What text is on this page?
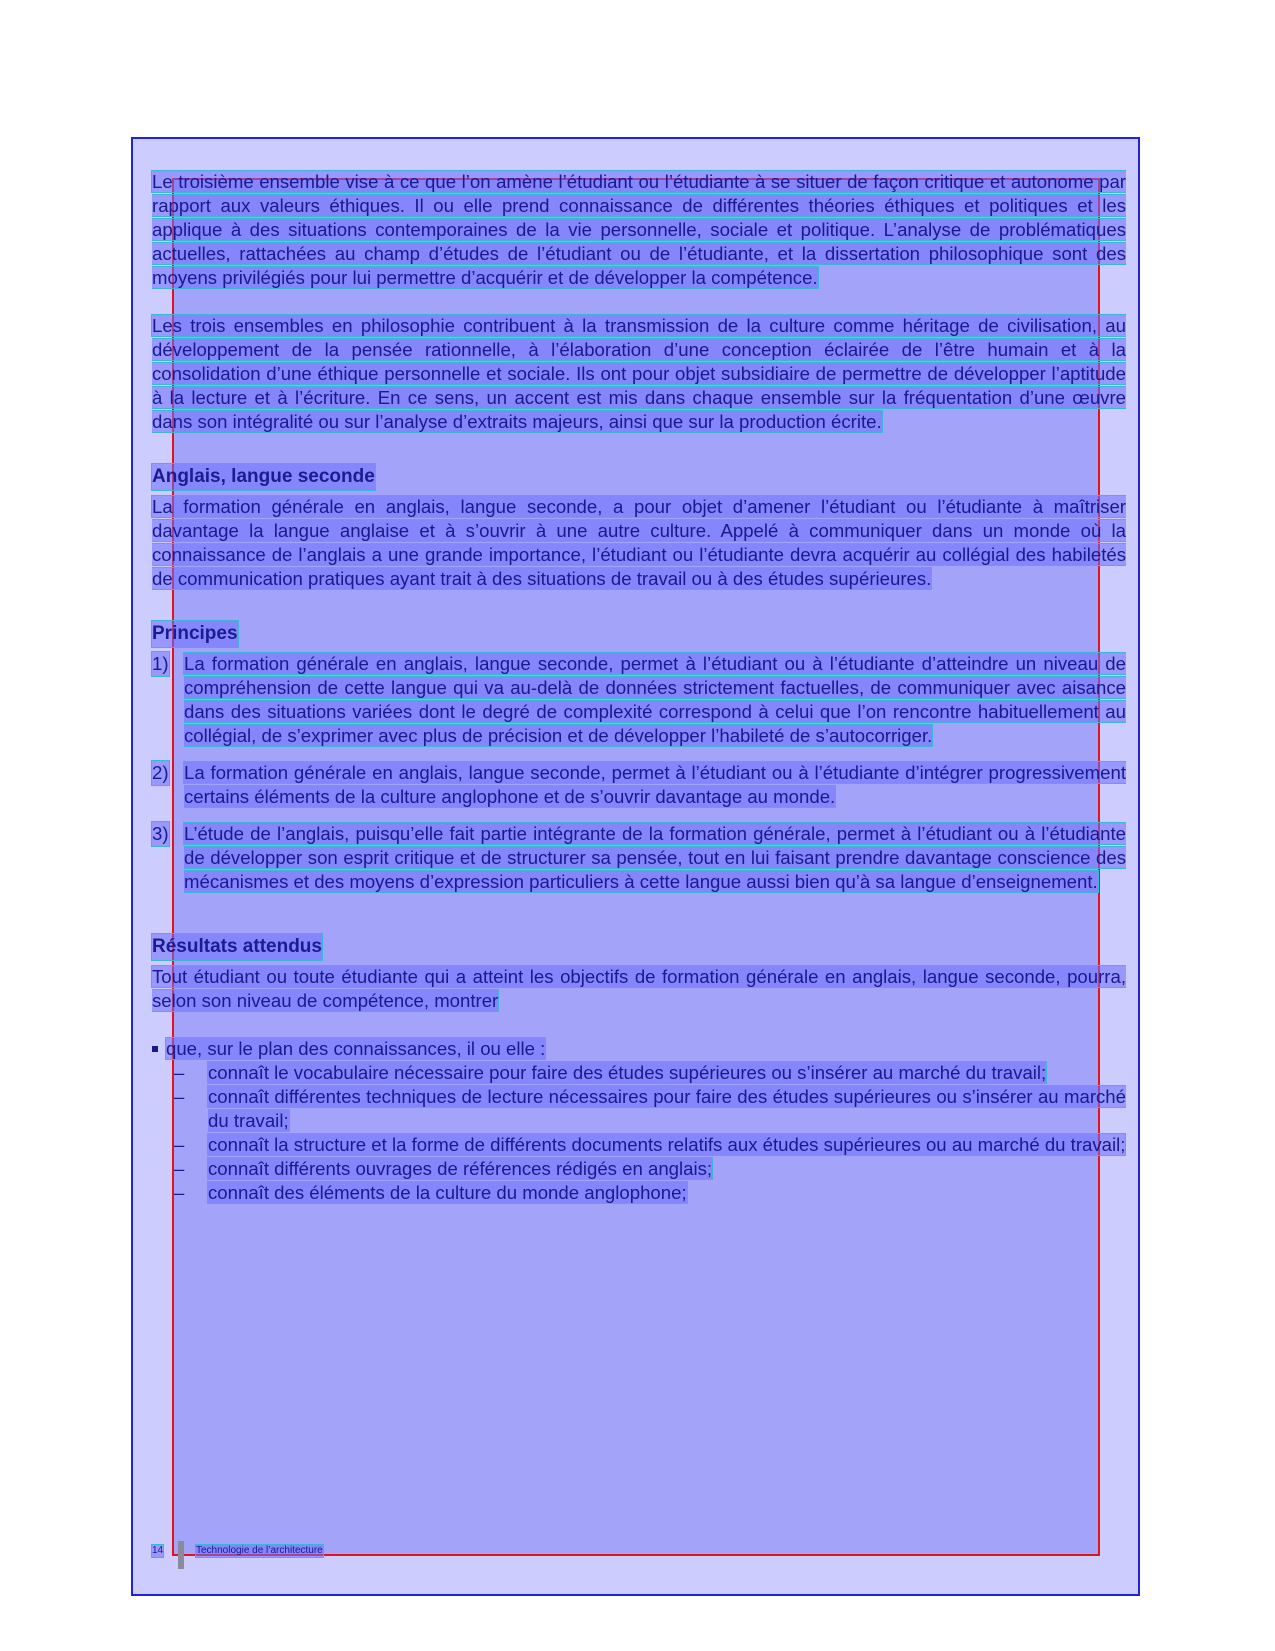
Le troisième ensemble vise à ce que l’on amène l’étudiant ou l’étudiante à se situer de façon critique et autonome par rapport aux valeurs éthiques. Il ou elle prend connaissance de différentes théories éthiques et politiques et les applique à des situations contemporaines de la vie personnelle, sociale et politique. L’analyse de problématiques actuelles, rattachées au champ d’études de l’étudiant ou de l’étudiante, et la dissertation philosophique sont des moyens privilégiés pour lui permettre d’acquérir et de développer la compétence.

Les trois ensembles en philosophie contribuent à la transmission de la culture comme héritage de civilisation, au développement de la pensée rationnelle, à l’élaboration d’une conception éclairée de l’être humain et à la consolidation d’une éthique personnelle et sociale. Ils ont pour objet subsidiaire de permettre de développer l’aptitude à la lecture et à l’écriture. En ce sens, un accent est mis dans chaque ensemble sur la fréquentation d’une œuvre dans son intégralité ou sur l’analyse d’extraits majeurs, ainsi que sur la production écrite.

Anglais, langue seconde

La formation générale en anglais, langue seconde, a pour objet d’amener l’étudiant ou l’étudiante à maîtriser davantage la langue anglaise et à s’ouvrir à une autre culture. Appelé à communiquer dans un monde où la connaissance de l’anglais a une grande importance, l’étudiant ou l’étudiante devra acquérir au collégial des habiletés de communication pratiques ayant trait à des situations de travail ou à des études supérieures.

Principes
1) La formation générale en anglais, langue seconde, permet à l’étudiant ou à l’étudiante d’atteindre un niveau de compréhension de cette langue qui va au-delà de données strictement factuelles, de communiquer avec aisance dans des situations variées dont le degré de complexité correspond à celui que l’on rencontre habituellement au collégial, de s’exprimer avec plus de précision et de développer l’habileté de s’autocorriger.
2) La formation générale en anglais, langue seconde, permet à l’étudiant ou à l’étudiante d’intégrer progressivement certains éléments de la culture anglophone et de s’ouvrir davantage au monde.
3) L’étude de l’anglais, puisqu’elle fait partie intégrante de la formation générale, permet à l’étudiant ou à l’étudiante de développer son esprit critique et de structurer sa pensée, tout en lui faisant prendre davantage conscience des mécanismes et des moyens d’expression particuliers à cette langue aussi bien qu’à sa langue d’enseignement.
Résultats attendus

Tout étudiant ou toute étudiante qui a atteint les objectifs de formation générale en anglais, langue seconde, pourra, selon son niveau de compétence, montrer

que, sur le plan des connaissances, il ou elle :
– connaît le vocabulaire nécessaire pour faire des études supérieures ou s’insérer au marché du travail;
– connaît différentes techniques de lecture nécessaires pour faire des études supérieures ou s’insérer au marché du travail;
– connaît la structure et la forme de différents documents relatifs aux études supérieures ou au marché du travail;
– connaît différents ouvrages de références rédigés en anglais;
– connaît des éléments de la culture du monde anglophone;
14	Technologie de l’architecture
